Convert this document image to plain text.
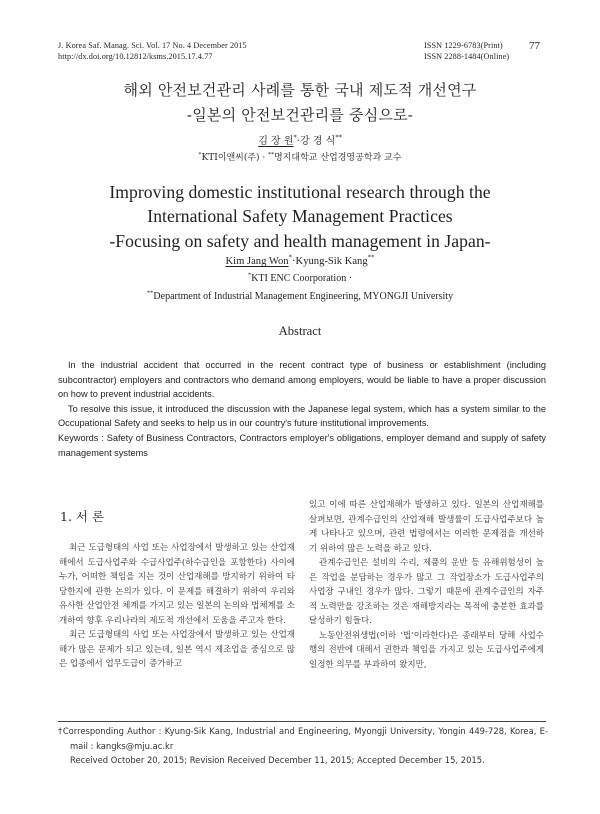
J. Korea Saf. Manag. Sci. Vol. 17 No. 4 December 2015
http://dx.doi.org/10.12812/ksms.2015.17.4.77
ISSN 1229-6783(Print)
ISSN 2288-1484(Online)
77
해외 안전보건관리 사례를 통한 국내 제도적 개선연구
-일본의 안전보건관리를 중심으로-
김 장 원*·강 경 식**
*KTI이앤씨(주) · **명지대학교 산업경영공학과 교수
Improving domestic institutional research through the
International Safety Management Practices
-Focusing on safety and health management in Japan-
Kim Jang Won*·Kyung-Sik Kang**
*KTI ENC Coorporation ·
**Department of Industrial Management Engineering, MYONGJI University
Abstract

In the industrial accident that occurred in the recent contract type of business or establishment (including subcontractor) employers and contractors who demand among employers, would be liable to have a proper discussion on how to prevent industrial accidents.

To resolve this issue, it introduced the discussion with the Japanese legal system, which has a system similar to the Occupational Safety and seeks to help us in our country's future institutional improvements.

Keywords : Safety of Business Contractors, Contractors employer's obligations, employer demand and supply of safety management systems

1. 서 론

최근 도급형태의 사업 또는 사업장에서 발생하고 있는 산업재해에서 도급사업주와 수급사업주(하수급인을 포함한다) 사이에 누가, 어떠한 책임을 지는 것이 산업재해를 방지하기 위하여 타당한지에 관한 논의가 있다. 이 문제를 해결하기 위하여 우리와 유사한 산업안전 체계를 가지고 있는 일본의 논의와 법체계를 소개하여 향후 우리나라의 제도적 개선에서 도움을 주고자 한다.

최근 도급형태의 사업 또는 사업장에서 발생하고 있는 산업재해가 많은 문제가 되고 있는데, 일본 역시 제조업을 중심으로 많은 업종에서 업무도급이 증가하고

있고 이에 따른 산업재해가 발생하고 있다. 일본의 산업재해를 살펴보면, 관계수급인의 산업재해 발생률이 도급사업주보다 높게 나타나고 있으며, 관련 법령에서는 이러한 문제점을 개선하기 위하여 많은 노력을 하고 있다.

관계수급인은 설비의 수리, 제품의 운반 등 유해위험성이 높은 작업을 분담하는 경우가 많고 그 작업장소가 도급사업주의 사업장 구내인 경우가 많다. 그렇기 때문에 관계수급인의 자주적 노력만을 강조하는 것은 재해방지라는 목적에 충분한 효과를 달성하기 힘들다.

노동안전위생법(이하 ‘법’이라한다)은 종래부터 당해 사업수행의 전반에 대해서 권한과 책임을 가지고 있는 도급사업주에게 일정한 의무를 부과하여 왔지만,

†Corresponding Author : Kyung-Sik Kang, Industrial and Engineering, Myongji University, Yongin 449-728, Korea, E-mail : kangks@mju.ac.kr
Received October 20, 2015; Revision Received December 11, 2015; Accepted December 15, 2015.
